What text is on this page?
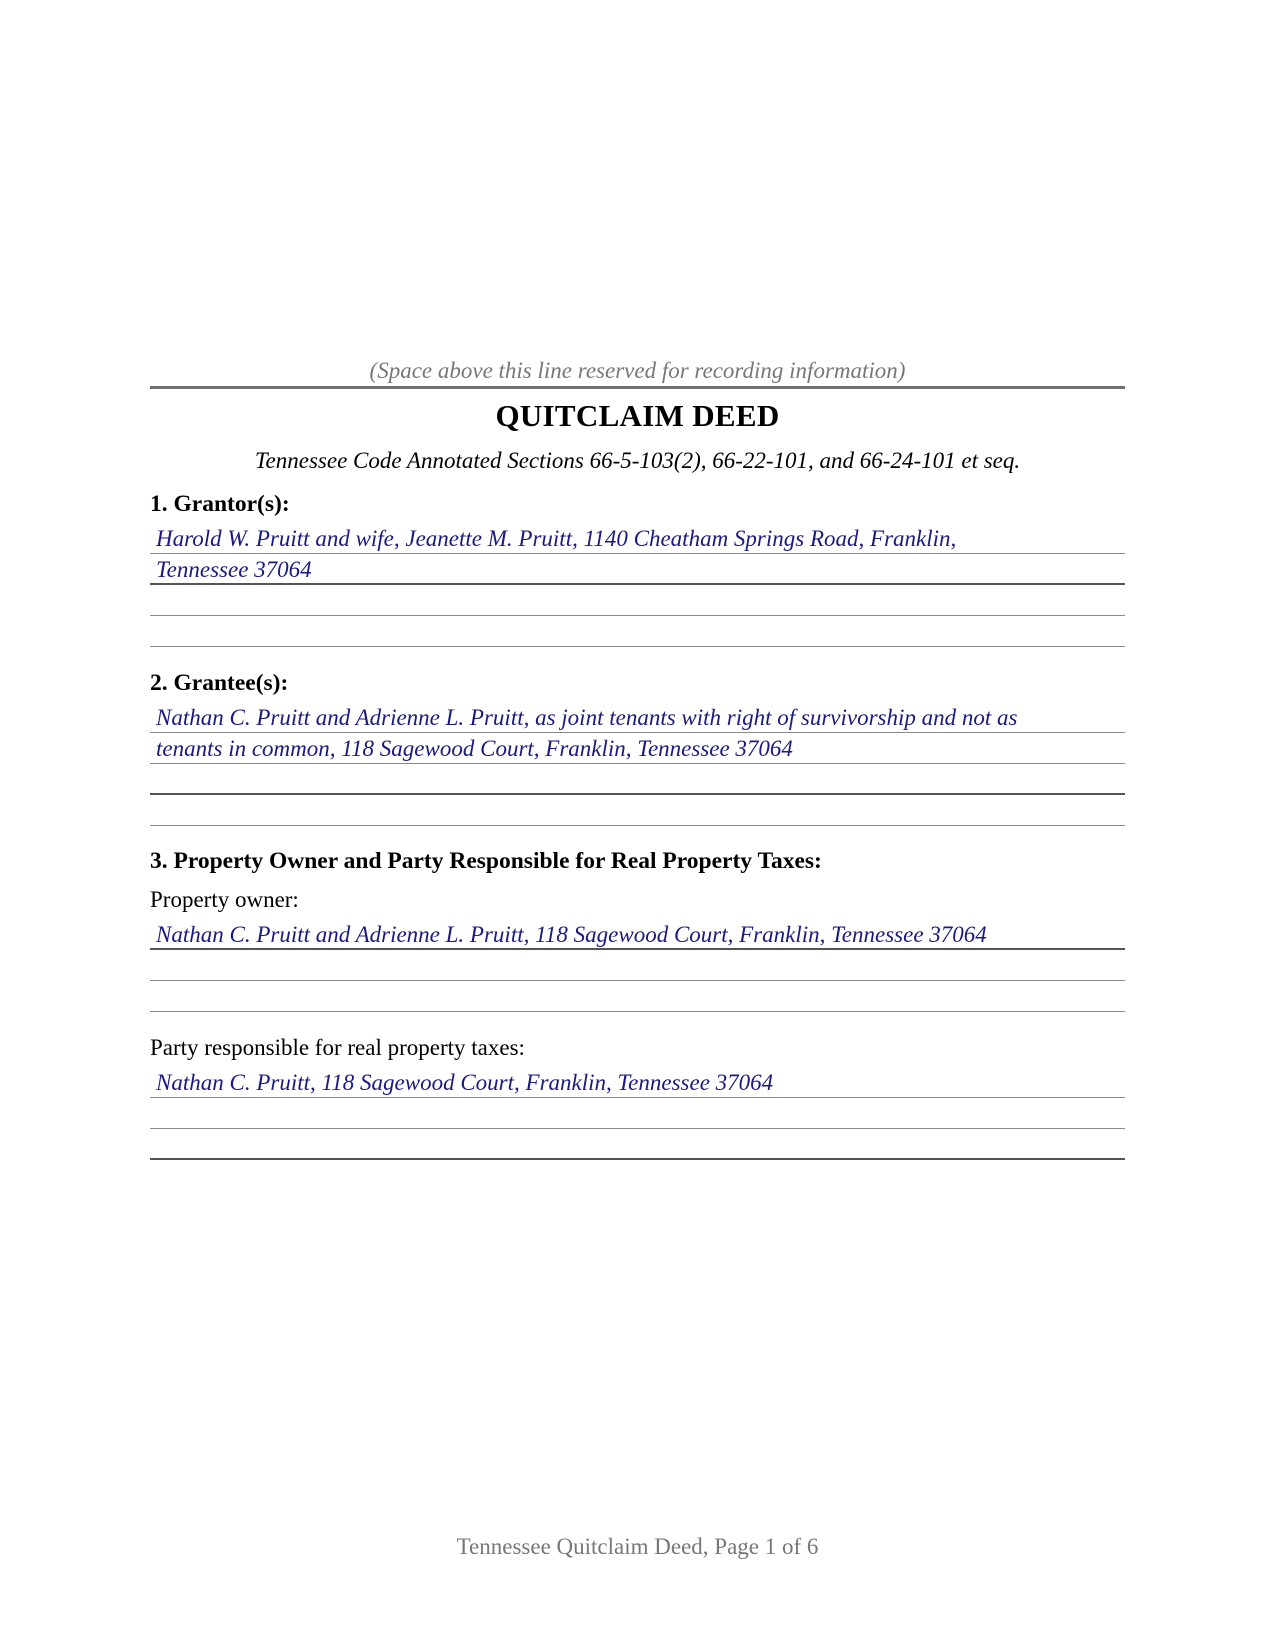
(Space above this line reserved for recording information)
QUITCLAIM DEED
Tennessee Code Annotated Sections 66-5-103(2), 66-22-101, and 66-24-101 et seq.
1. Grantor(s):
Harold W. Pruitt and wife, Jeanette M. Pruitt, 1140 Cheatham Springs Road, Franklin,
Tennessee 37064
2. Grantee(s):
Nathan C. Pruitt and Adrienne L. Pruitt, as joint tenants with right of survivorship and not as
tenants in common, 118 Sagewood Court, Franklin, Tennessee 37064
3. Property Owner and Party Responsible for Real Property Taxes:
Property owner:
Nathan C. Pruitt and Adrienne L. Pruitt, 118 Sagewood Court, Franklin, Tennessee 37064
Party responsible for real property taxes:
Nathan C. Pruitt, 118 Sagewood Court, Franklin, Tennessee 37064
Tennessee Quitclaim Deed, Page 1 of 6
